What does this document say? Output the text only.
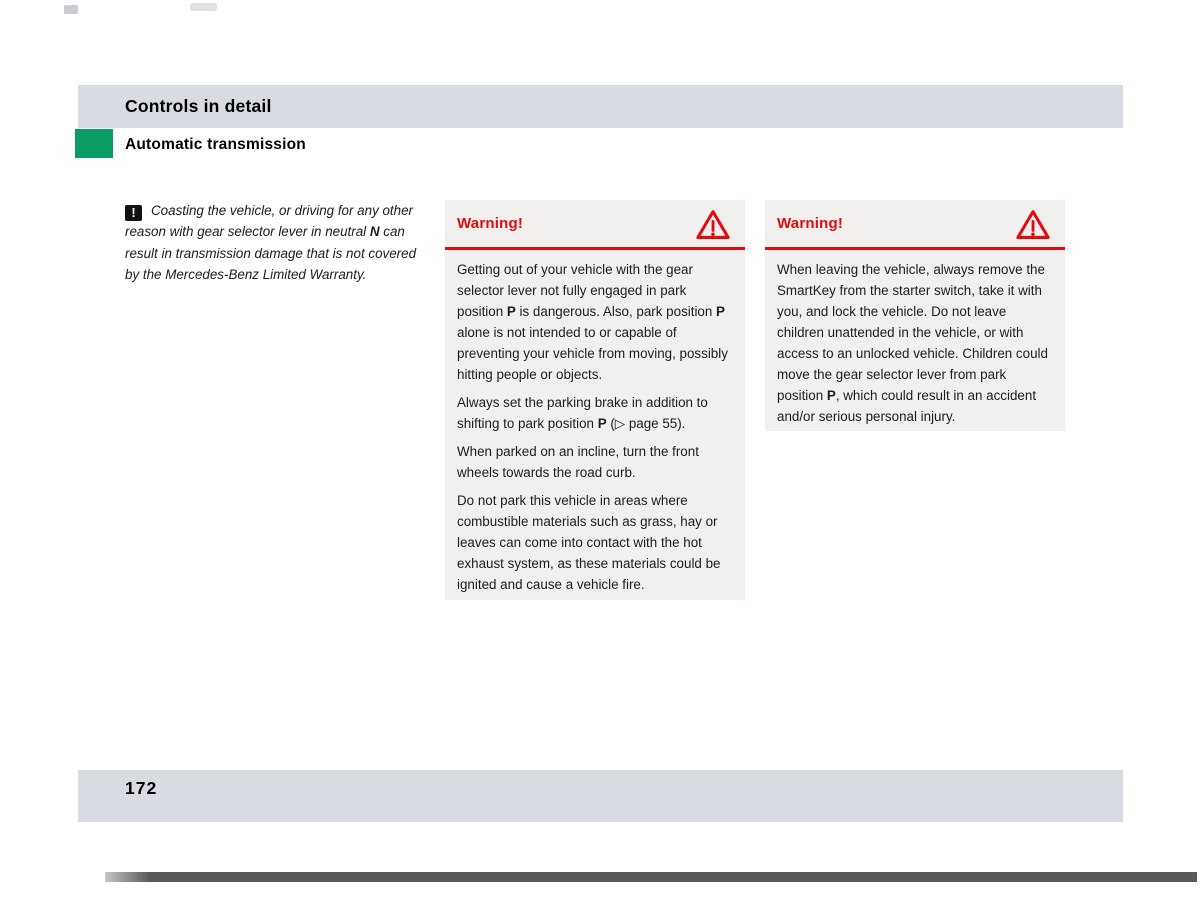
Controls in detail
Automatic transmission
! Coasting the vehicle, or driving for any other reason with gear selector lever in neutral N can result in transmission damage that is not covered by the Mercedes-Benz Limited Warranty.
Warning!

Getting out of your vehicle with the gear selector lever not fully engaged in park position P is dangerous. Also, park position P alone is not intended to or capable of preventing your vehicle from moving, possibly hitting people or objects.

Always set the parking brake in addition to shifting to park position P (▷ page 55).

When parked on an incline, turn the front wheels towards the road curb.

Do not park this vehicle in areas where combustible materials such as grass, hay or leaves can come into contact with the hot exhaust system, as these materials could be ignited and cause a vehicle fire.

Warning!

When leaving the vehicle, always remove the SmartKey from the starter switch, take it with you, and lock the vehicle. Do not leave children unattended in the vehicle, or with access to an unlocked vehicle. Children could move the gear selector lever from park position P, which could result in an accident and/or serious personal injury.

172
